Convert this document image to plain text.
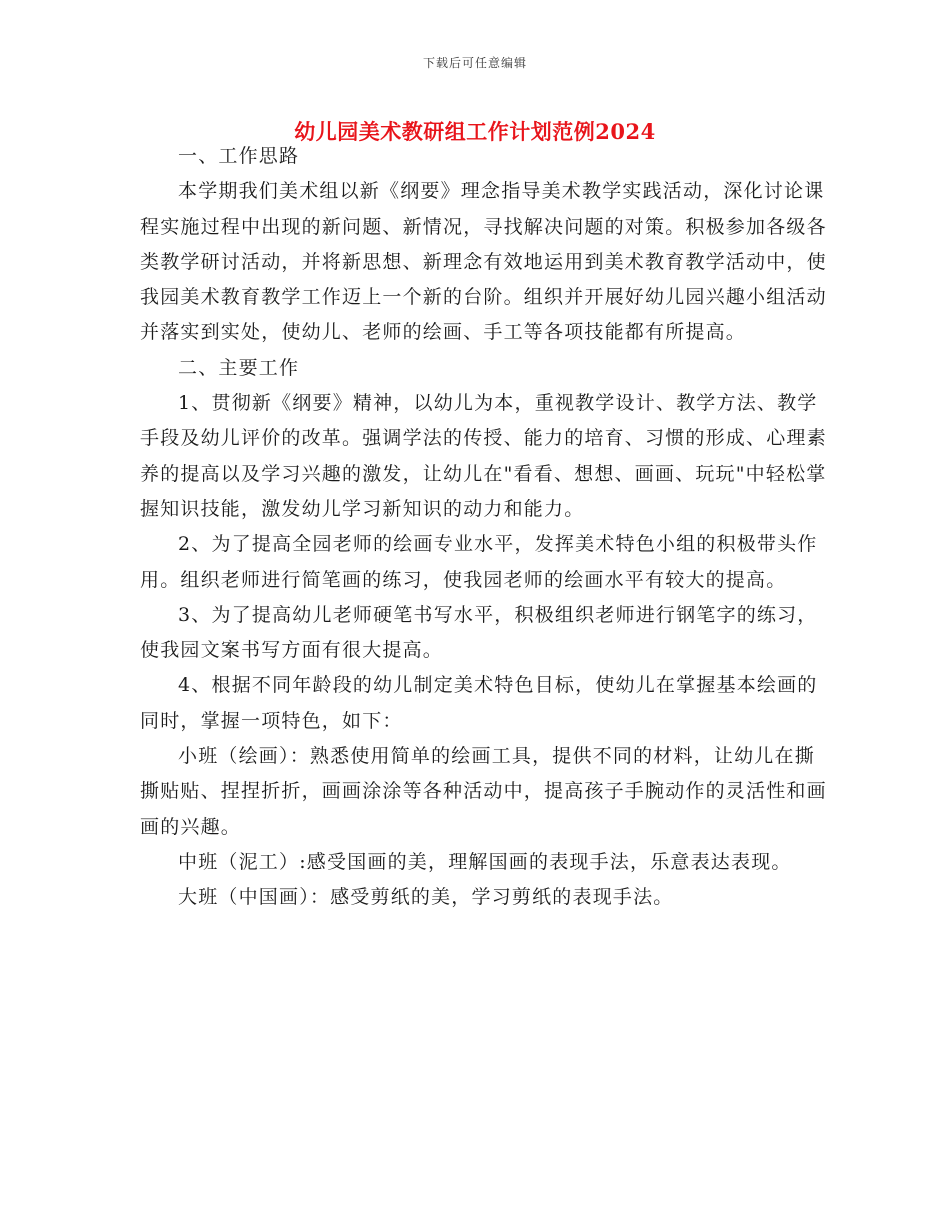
下载后可任意编辑
幼儿园美术教研组工作计划范例2024

一、工作思路

本学期我们美术组以新《纲要》理念指导美术教学实践活动，深化讨论课程实施过程中出现的新问题、新情况，寻找解决问题的对策。积极参加各级各类教学研讨活动，并将新思想、新理念有效地运用到美术教育教学活动中，使我园美术教育教学工作迈上一个新的台阶。组织并开展好幼儿园兴趣小组活动并落实到实处，使幼儿、老师的绘画、手工等各项技能都有所提高。

二、主要工作

1、贯彻新《纲要》精神，以幼儿为本，重视教学设计、教学方法、教学手段及幼儿评价的改革。强调学法的传授、能力的培育、习惯的形成、心理素养的提高以及学习兴趣的激发，让幼儿在"看看、想想、画画、玩玩"中轻松掌握知识技能，激发幼儿学习新知识的动力和能力。

2、为了提高全园老师的绘画专业水平，发挥美术特色小组的积极带头作用。组织老师进行简笔画的练习，使我园老师的绘画水平有较大的提高。

3、为了提高幼儿老师硬笔书写水平，积极组织老师进行钢笔字的练习，使我园文案书写方面有很大提高。

4、根据不同年龄段的幼儿制定美术特色目标，使幼儿在掌握基本绘画的同时，掌握一项特色，如下：

小班（绘画）：熟悉使用简单的绘画工具，提供不同的材料，让幼儿在撕撕贴贴、捏捏折折，画画涂涂等各种活动中，提高孩子手腕动作的灵活性和画画的兴趣。

中班（泥工）:感受国画的美，理解国画的表现手法，乐意表达表现。

大班（中国画）：感受剪纸的美，学习剪纸的表现手法。
